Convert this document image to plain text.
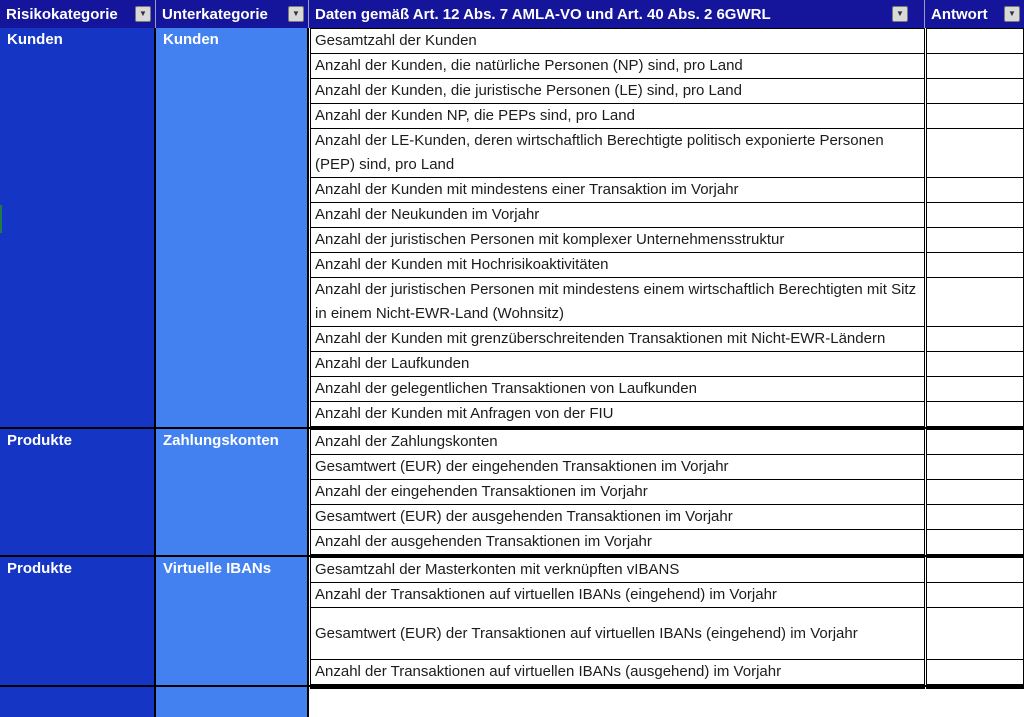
Risikokategorie	▼ Unterkategorie	▼ Daten gemäß Art. 12 Abs. 7 AMLA-VO und Art. 40 Abs. 2 6GWRL	▼ Antwort	▼
Kunden	Kunden	Gesamtzahl der Kunden
Anzahl der Kunden, die natürliche Personen (NP) sind, pro Land
Anzahl der Kunden, die juristische Personen (LE) sind, pro Land
Anzahl der Kunden NP, die PEPs sind, pro Land
Anzahl der LE-Kunden, deren wirtschaftlich Berechtigte politisch exponierte Personen (PEP) sind, pro Land
Anzahl der Kunden mit mindestens einer Transaktion im Vorjahr
Anzahl der Neukunden im Vorjahr
Anzahl der juristischen Personen mit komplexer Unternehmensstruktur
Anzahl der Kunden mit Hochrisikoaktivitäten
Anzahl der juristischen Personen mit mindestens einem wirtschaftlich Berechtigten mit Sitz in einem Nicht-EWR-Land (Wohnsitz)
Anzahl der Kunden mit grenzüberschreitenden Transaktionen mit Nicht-EWR-Ländern
Anzahl der Laufkunden
Anzahl der gelegentlichen Transaktionen von Laufkunden
Anzahl der Kunden mit Anfragen von der FIU
Produkte	Zahlungskonten	Anzahl der Zahlungskonten
Gesamtwert (EUR) der eingehenden Transaktionen im Vorjahr
Anzahl der eingehenden Transaktionen im Vorjahr
Gesamtwert (EUR) der ausgehenden Transaktionen im Vorjahr
Anzahl der ausgehenden Transaktionen im Vorjahr
Produkte	Virtuelle IBANs	Gesamtzahl der Masterkonten mit verknüpften vIBANS
Anzahl der Transaktionen auf virtuellen IBANs (eingehend) im Vorjahr
Gesamtwert (EUR) der Transaktionen auf virtuellen IBANs (eingehend) im Vorjahr
Anzahl der Transaktionen auf virtuellen IBANs (ausgehend) im Vorjahr
